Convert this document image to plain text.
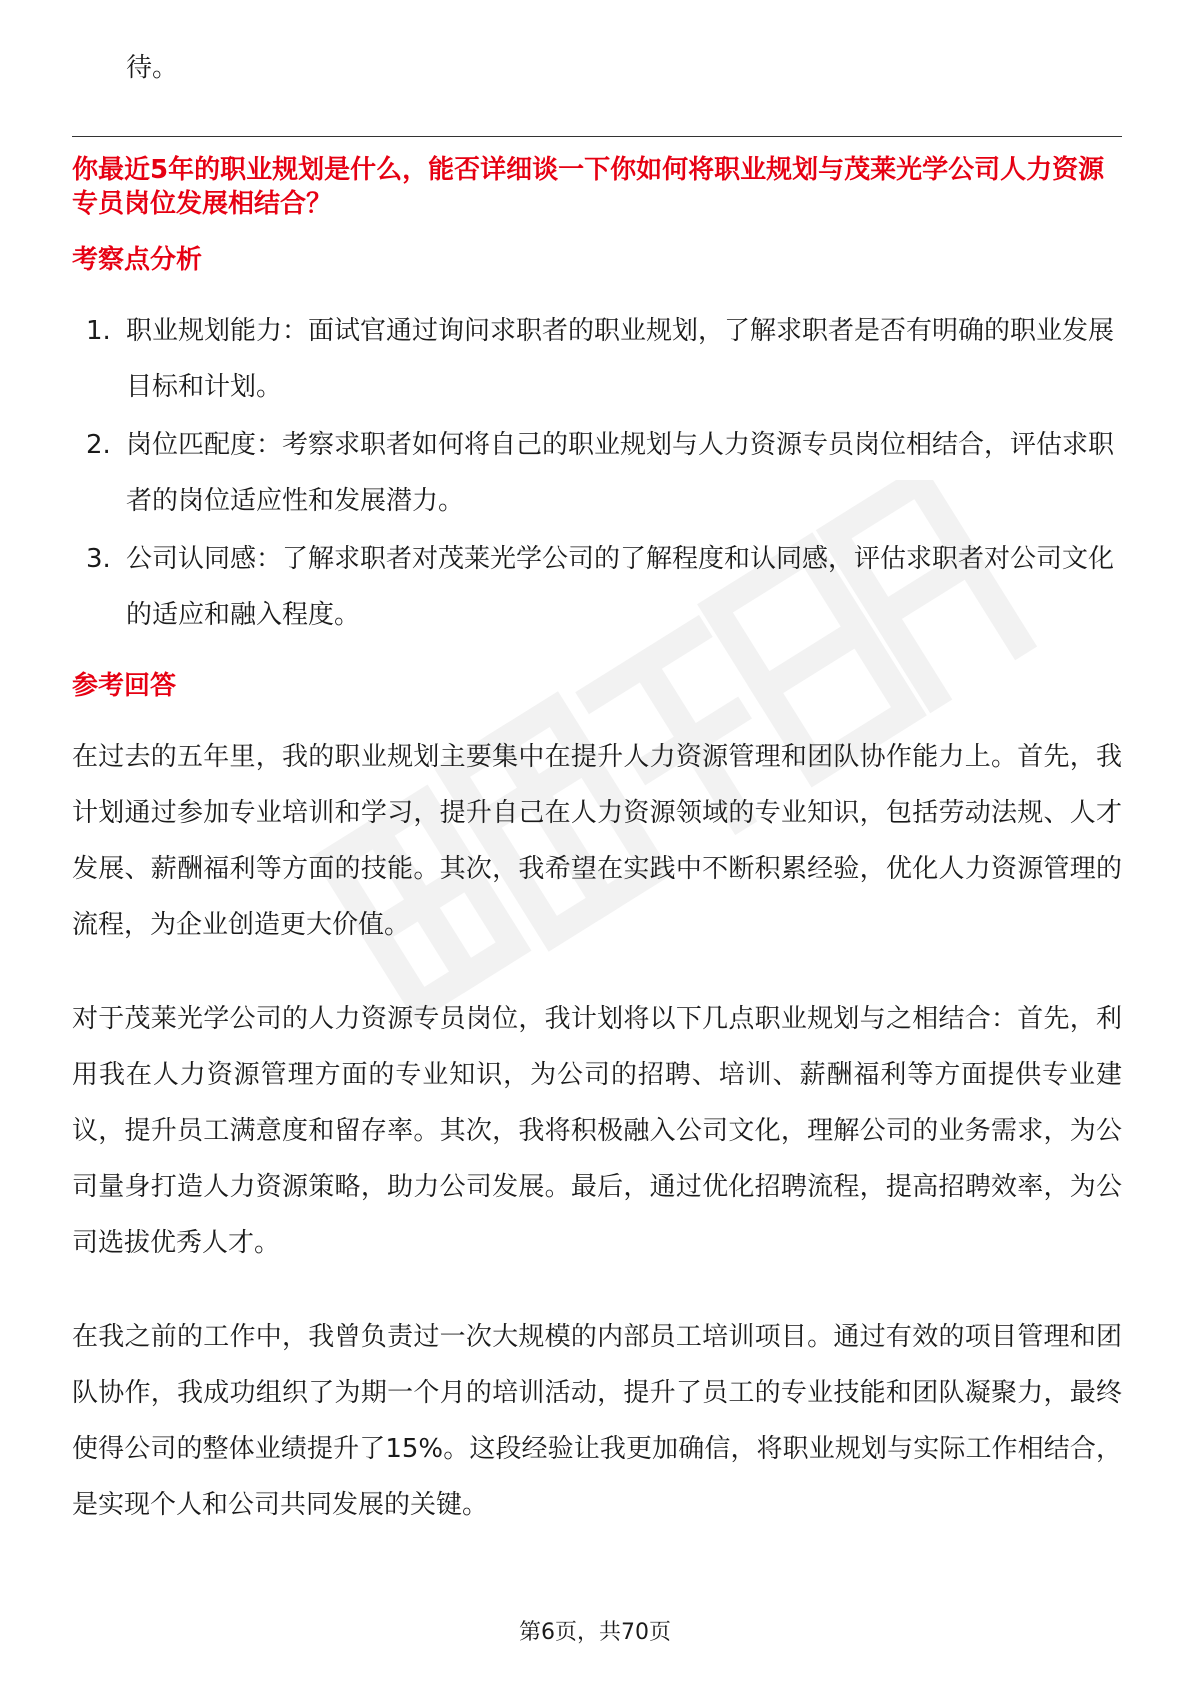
待。

你最近5年的职业规划是什么，能否详细谈一下你如何将职业规划与茂莱光学公司人力资源专员岗位发展相结合？
考察点分析
1. 职业规划能力：面试官通过询问求职者的职业规划，了解求职者是否有明确的职业发展目标和计划。
2. 岗位匹配度：考察求职者如何将自己的职业规划与人力资源专员岗位相结合，评估求职者的岗位适应性和发展潜力。
3. 公司认同感：了解求职者对茂莱光学公司的了解程度和认同感，评估求职者对公司文化的适应和融入程度。
参考回答

在过去的五年里，我的职业规划主要集中在提升人力资源管理和团队协作能力上。首先，我计划通过参加专业培训和学习，提升自己在人力资源领域的专业知识，包括劳动法规、人才发展、薪酬福利等方面的技能。其次，我希望在实践中不断积累经验，优化人力资源管理的流程，为企业创造更大价值。

对于茂莱光学公司的人力资源专员岗位，我计划将以下几点职业规划与之相结合：首先，利用我在人力资源管理方面的专业知识，为公司的招聘、培训、薪酬福利等方面提供专业建议，提升员工满意度和留存率。其次，我将积极融入公司文化，理解公司的业务需求，为公司量身打造人力资源策略，助力公司发展。最后，通过优化招聘流程，提高招聘效率，为公司选拔优秀人才。

在我之前的工作中，我曾负责过一次大规模的内部员工培训项目。通过有效的项目管理和团队协作，我成功组织了为期一个月的培训活动，提升了员工的专业技能和团队凝聚力，最终使得公司的整体业绩提升了15%。这段经验让我更加确信，将职业规划与实际工作相结合，是实现个人和公司共同发展的关键。

第6页，共70页
